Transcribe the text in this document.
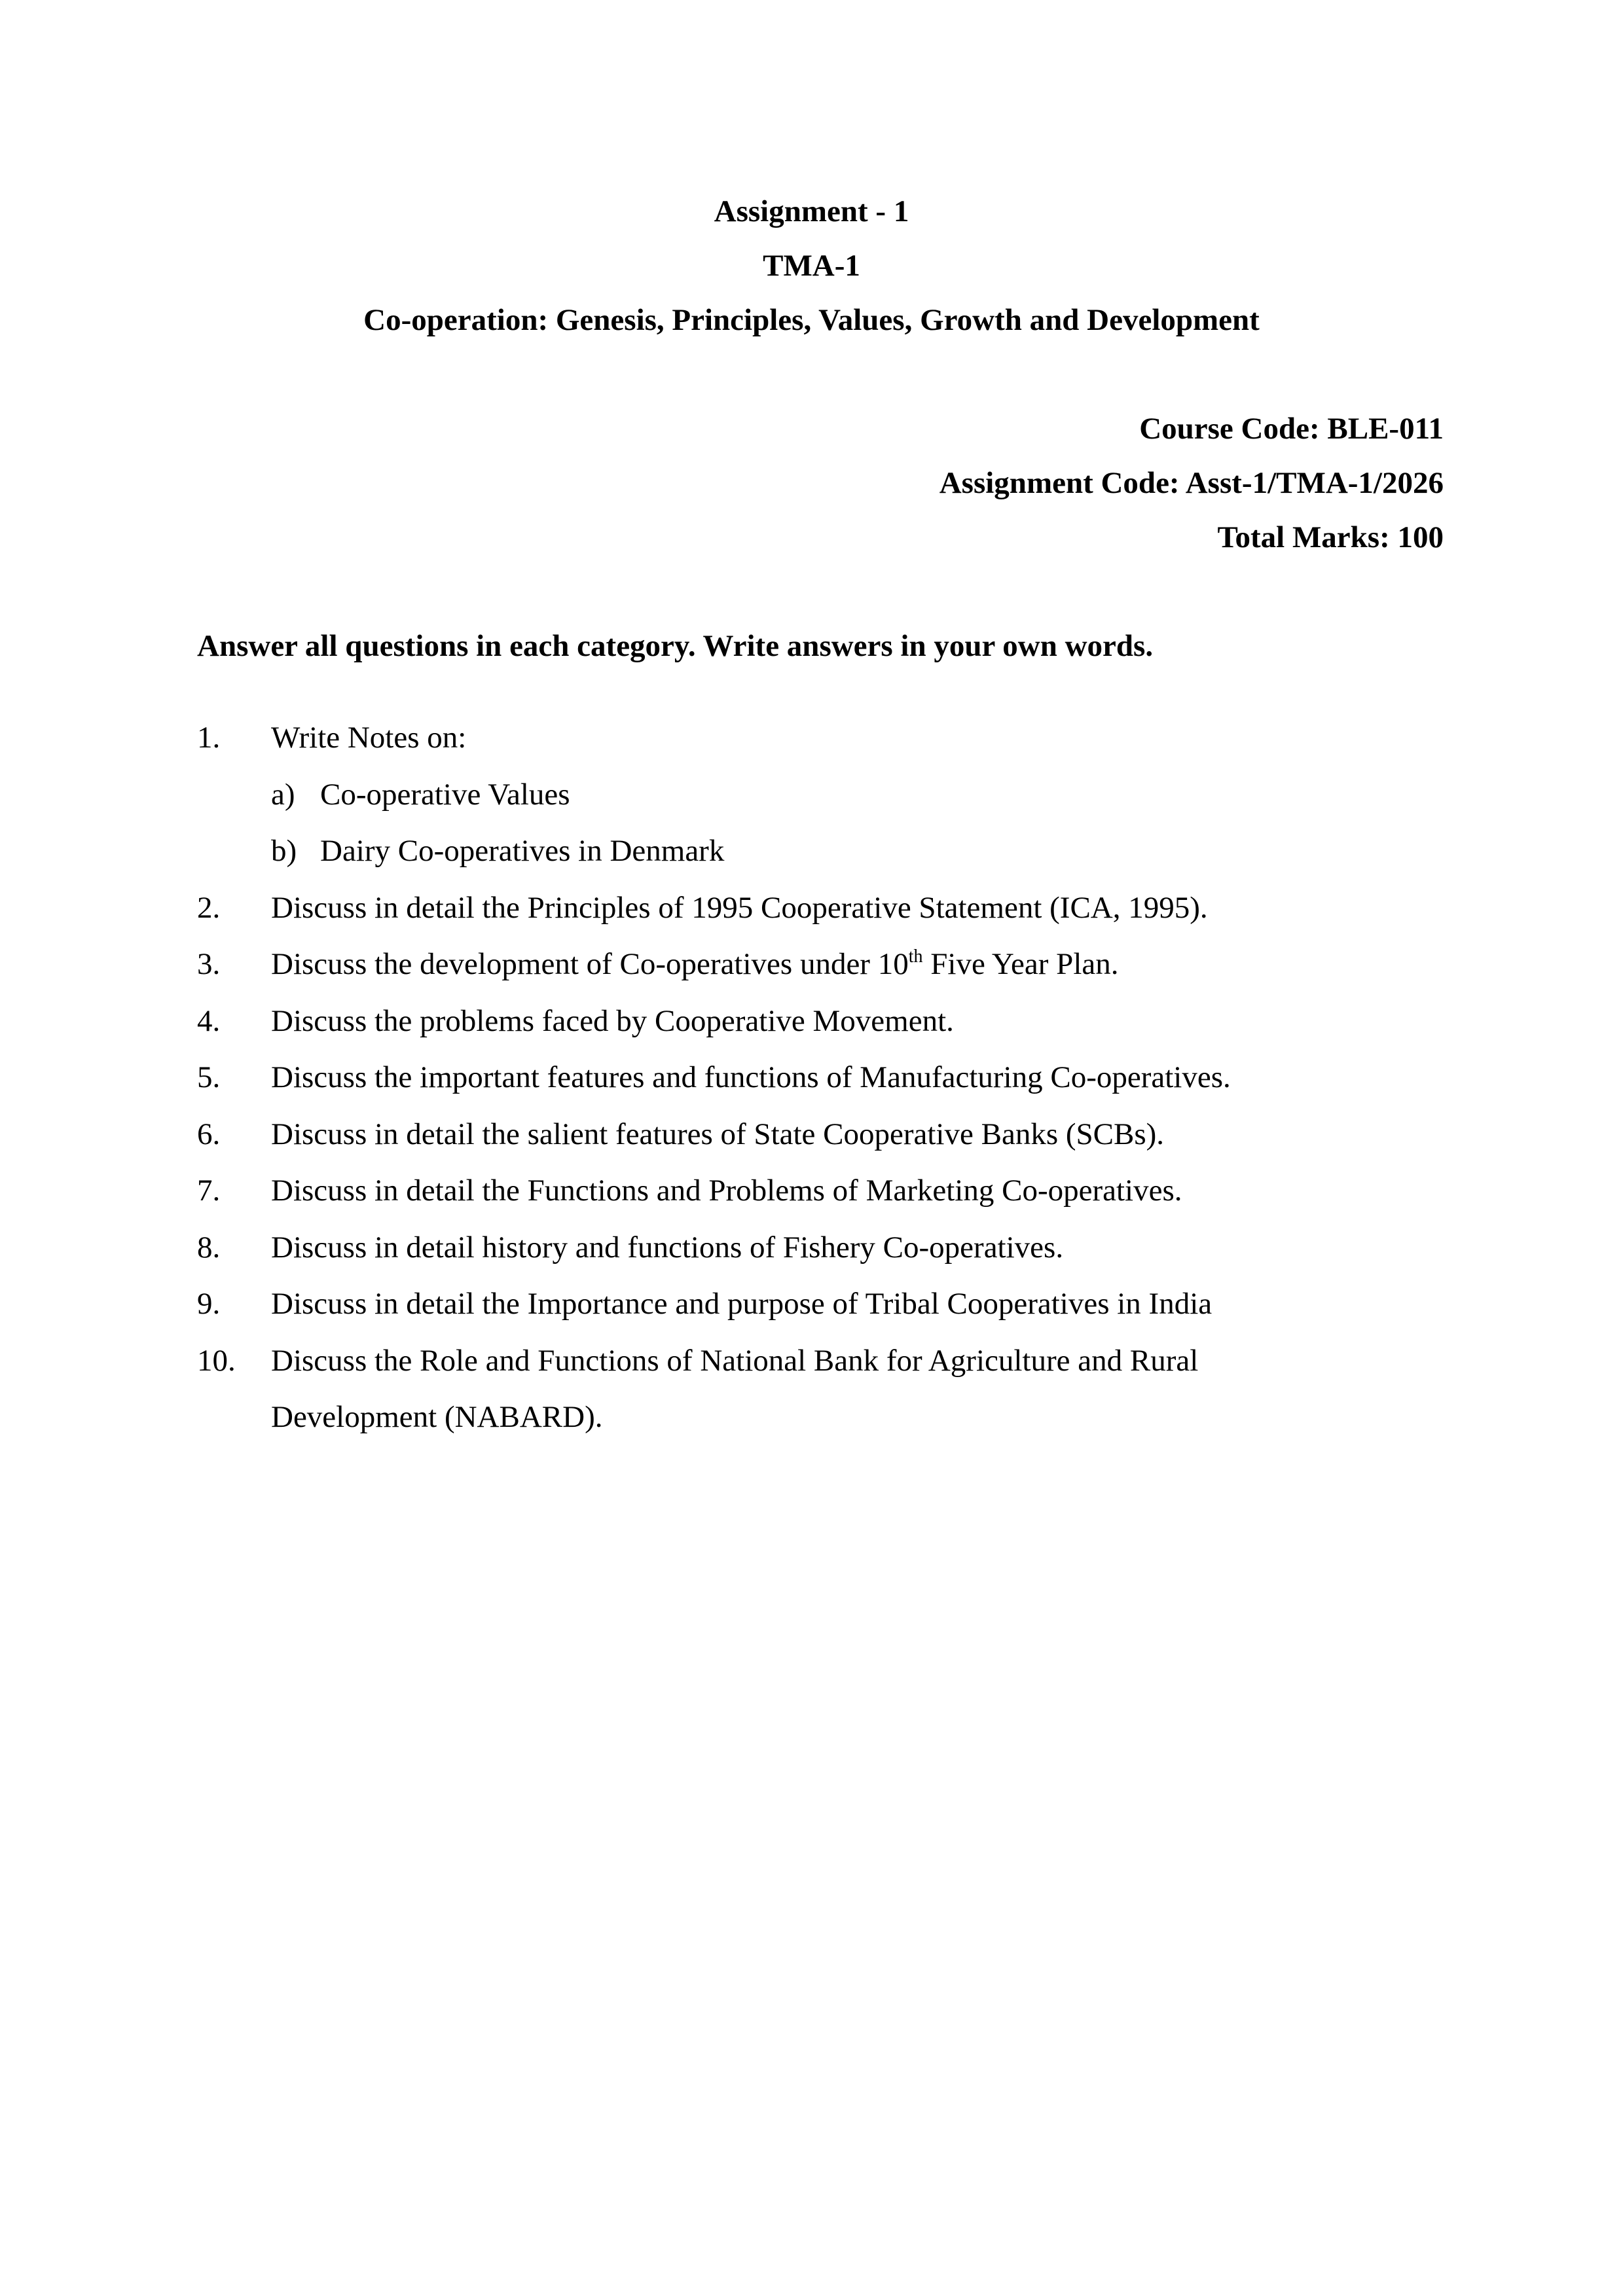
Assignment - 1
TMA-1
Co-operation: Genesis, Principles, Values, Growth and Development
Course Code: BLE-011
Assignment Code: Asst-1/TMA-1/2026
Total Marks: 100
Answer all questions in each category. Write answers in your own words.
1. Write Notes on:
a) Co-operative Values
b) Dairy Co-operatives in Denmark
2. Discuss in detail the Principles of 1995 Cooperative Statement (ICA, 1995).
3. Discuss the development of Co-operatives under 10th Five Year Plan.
4. Discuss the problems faced by Cooperative Movement.
5. Discuss the important features and functions of Manufacturing Co-operatives.
6. Discuss in detail the salient features of State Cooperative Banks (SCBs).
7. Discuss in detail the Functions and Problems of Marketing Co-operatives.
8. Discuss in detail history and functions of Fishery Co-operatives.
9. Discuss in detail the Importance and purpose of Tribal Cooperatives in India
10. Discuss the Role and Functions of National Bank for Agriculture and Rural
Development (NABARD).
